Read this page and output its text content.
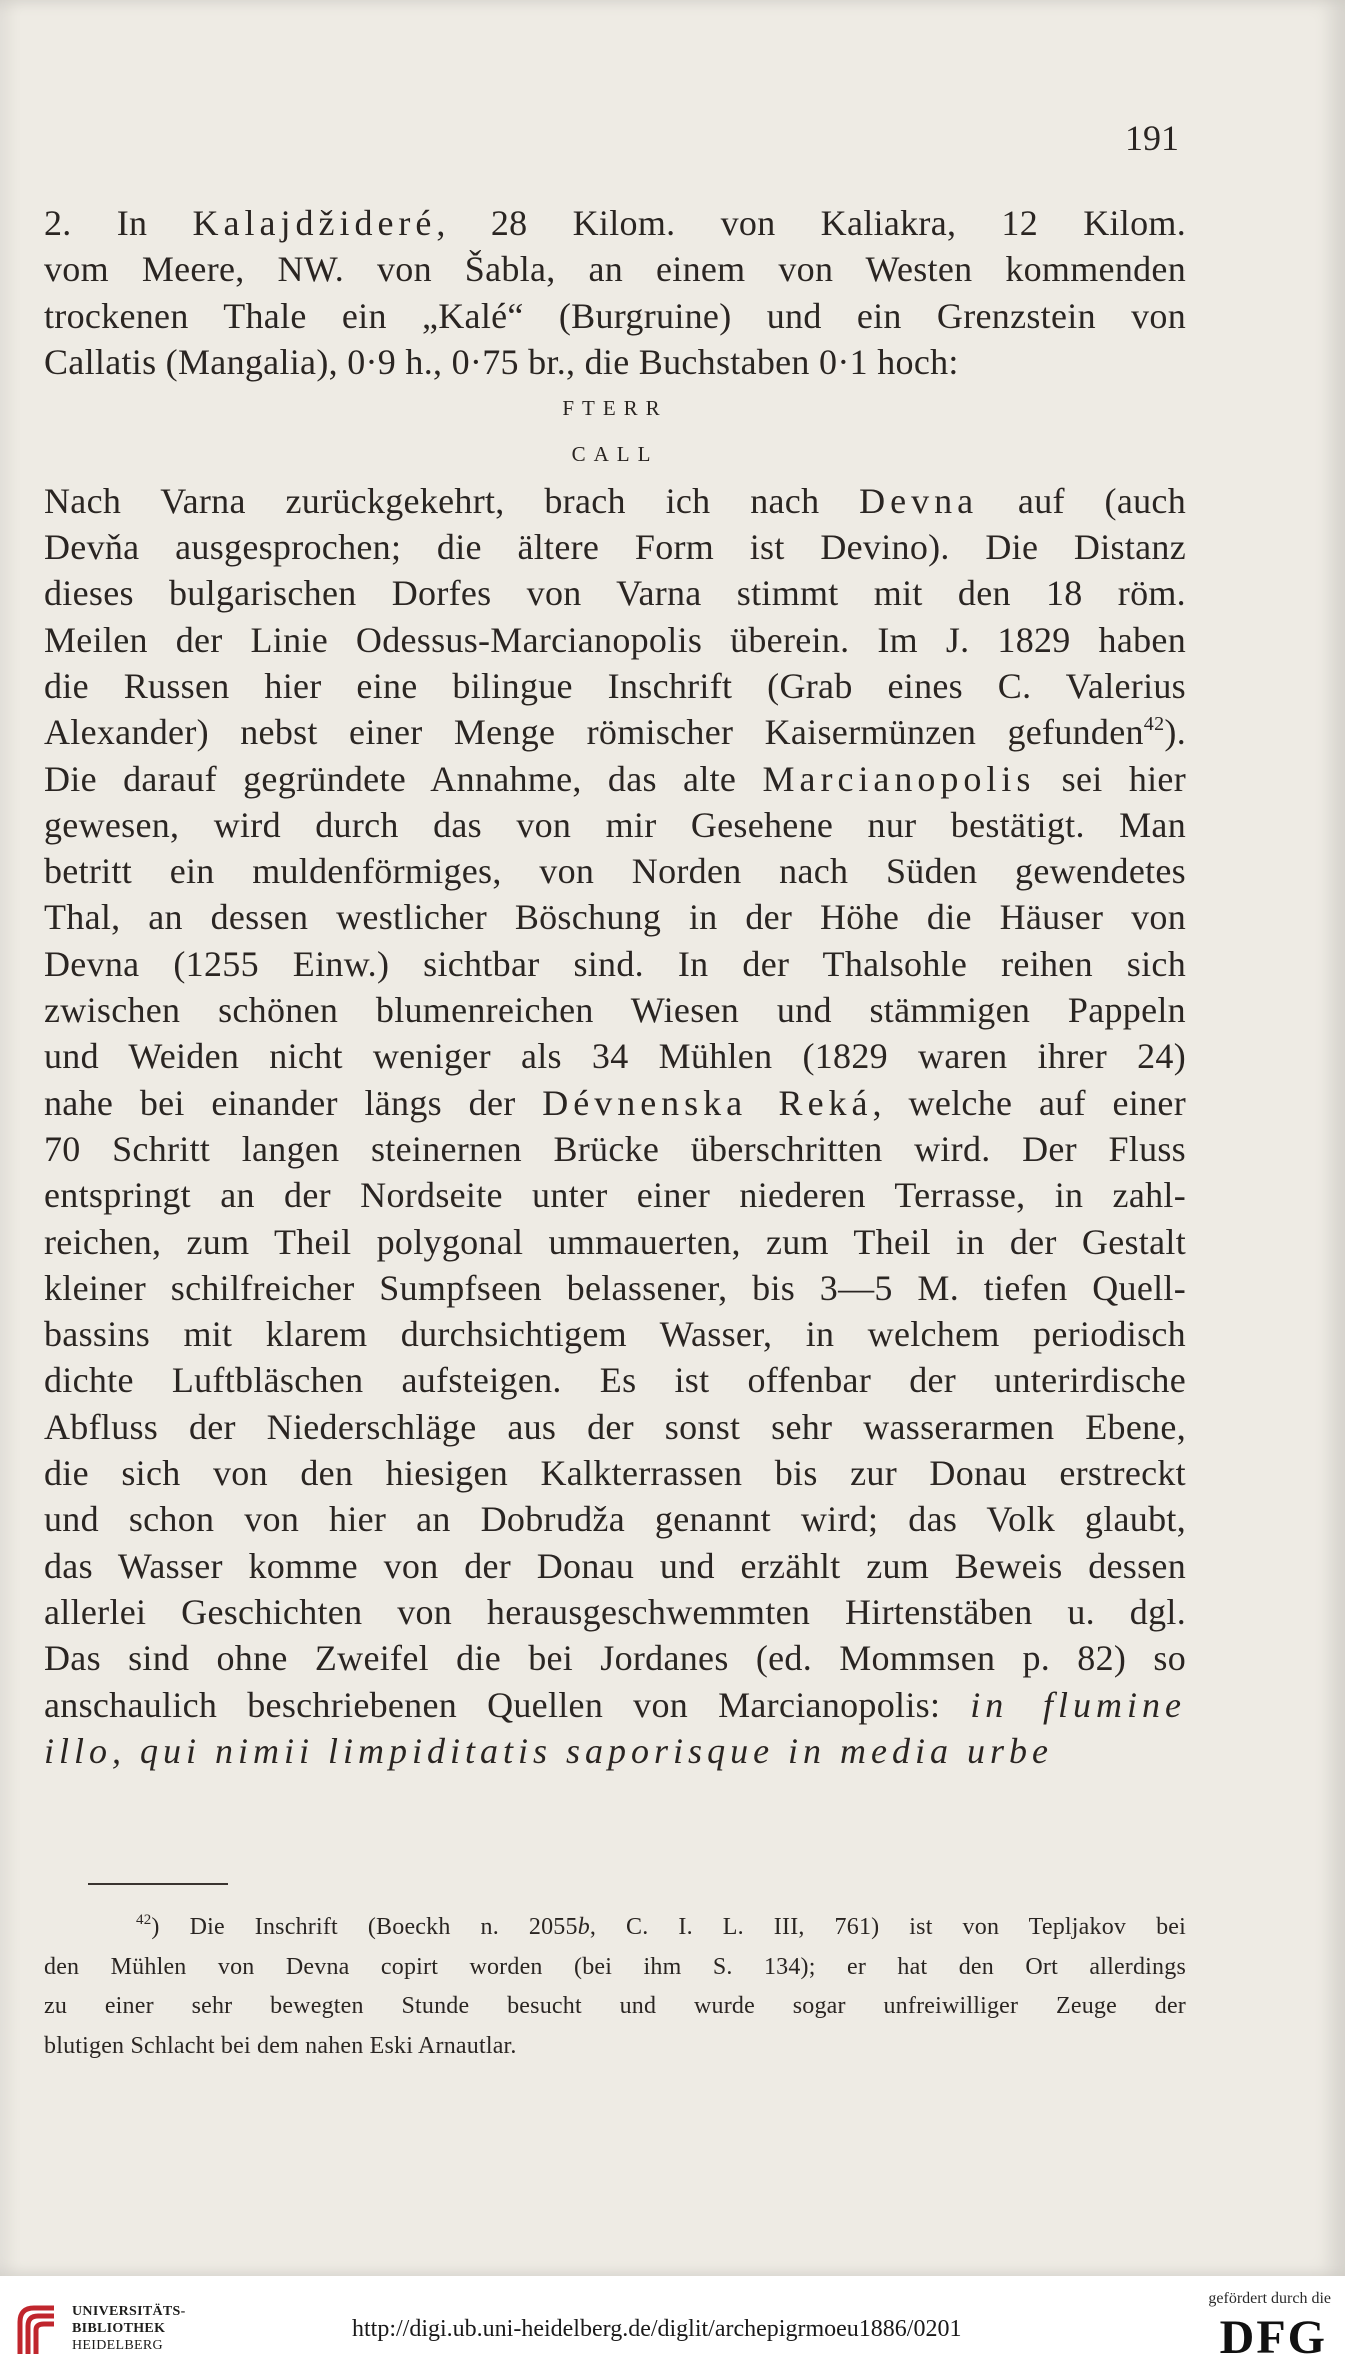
191
2. In Kalajdžideré, 28 Kilom. von Kaliakra, 12 Kilom.
vom Meere, NW. von Šabla, an einem von Westen kommenden
trockenen Thale ein „Kalé“ (Burgruine) und ein Grenzstein von
Callatis (Mangalia), 0·9 h., 0·75 br., die Buchstaben 0·1 hoch:
FTERR
CALL
Nach Varna zurückgekehrt, brach ich nach Devna auf (auch
Devňa ausgesprochen; die ältere Form ist Devino). Die Distanz
dieses bulgarischen Dorfes von Varna stimmt mit den 18 röm.
Meilen der Linie Odessus-Marcianopolis überein. Im J. 1829 haben
die Russen hier eine bilingue Inschrift (Grab eines C. Valerius
Alexander) nebst einer Menge römischer Kaisermünzen gefunden$^{42}$).
Die darauf gegründete Annahme, das alte Marcianopolis sei hier
gewesen, wird durch das von mir Gesehene nur bestätigt. Man
betritt ein muldenförmiges, von Norden nach Süden gewendetes
Thal, an dessen westlicher Böschung in der Höhe die Häuser von
Devna (1255 Einw.) sichtbar sind. In der Thalsohle reihen sich
zwischen schönen blumenreichen Wiesen und stämmigen Pappeln
und Weiden nicht weniger als 34 Mühlen (1829 waren ihrer 24)
nahe bei einander längs der Dévnenska Reká, welche auf einer
70 Schritt langen steinernen Brücke überschritten wird. Der Fluss
entspringt an der Nordseite unter einer niederen Terrasse, in zahl-
reichen, zum Theil polygonal ummauerten, zum Theil in der Gestalt
kleiner schilfreicher Sumpfseen belassener, bis 3—5 M. tiefen Quell-
bassins mit klarem durchsichtigem Wasser, in welchem periodisch
dichte Luftbläschen aufsteigen. Es ist offenbar der unterirdische
Abfluss der Niederschläge aus der sonst sehr wasserarmen Ebene,
die sich von den hiesigen Kalkterrassen bis zur Donau erstreckt
und schon von hier an Dobrudža genannt wird; das Volk glaubt,
das Wasser komme von der Donau und erzählt zum Beweis dessen
allerlei Geschichten von herausgeschwemmten Hirtenstäben u. dgl.
Das sind ohne Zweifel die bei Jordanes (ed. Mommsen p. 82) so
anschaulich beschriebenen Quellen von Marcianopolis: in flumine
illo, qui nimii limpiditatis saporisque in media urbe
$^{42}$) Die Inschrift (Boeckh n. 2055b, C. I. L. III, 761) ist von Tepljakov bei
den Mühlen von Devna copirt worden (bei ihm S. 134); er hat den Ort allerdings
zu einer sehr bewegten Stunde besucht und wurde sogar unfreiwilliger Zeuge der
blutigen Schlacht bei dem nahen Eski Arnautlar.
UNIVERSITÄTS-
BIBLIOTHEK
HEIDELBERG
http://digi.ub.uni-heidelberg.de/diglit/archepigrmoeu1886/0201
gefördert durch die
DFG
